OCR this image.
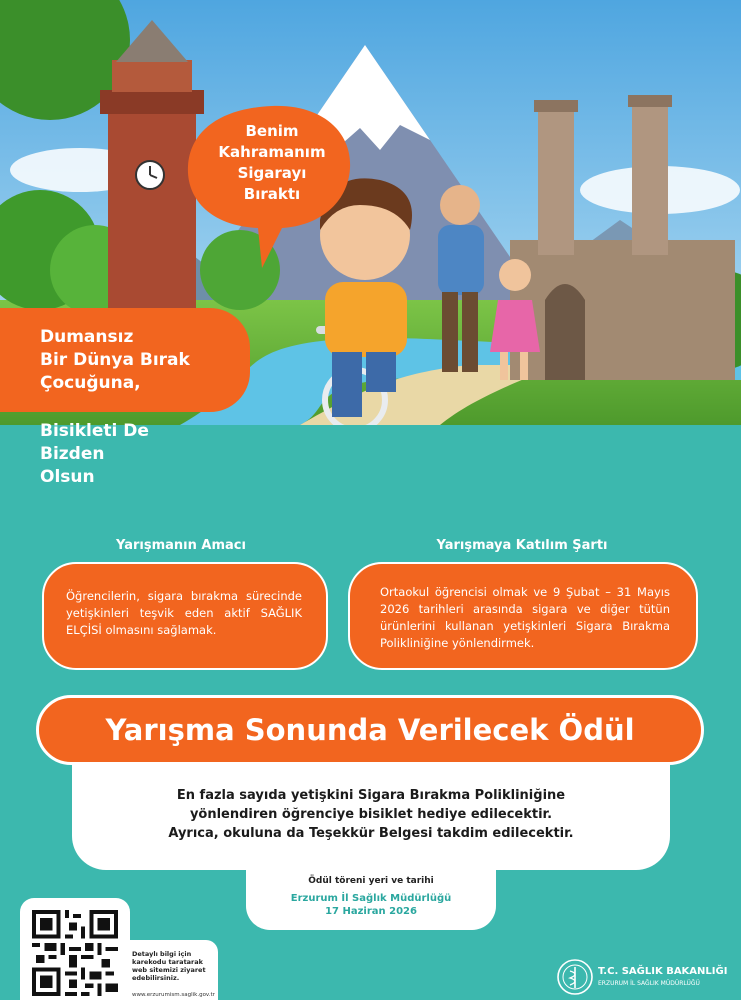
Benim
Kahramanım
Sigarayı
Bıraktı
Dumansız
Bir Dünya Bırak
Çocuğuna,
Bisikleti De
Bizden
Olsun
Yarışmanın Amacı	Yarışmaya Katılım Şartı
Öğrencilerin, sigara bırakma sürecinde yetişkinleri teşvik eden aktif SAĞLIK ELÇİSİ olmasını sağlamak.
Ortaokul öğrencisi olmak ve 9 Şubat – 31 Mayıs 2026 tarihleri arasında sigara ve diğer tütün ürünlerini kullanan yetişkinleri Sigara Bırakma Polikliniğine yönlendirmek.
Yarışma Sonunda Verilecek Ödül
En fazla sayıda yetişkini Sigara Bırakma Polikliniğine
yönlendiren öğrenciye bisiklet hediye edilecektir.
Ayrıca, okuluna da Teşekkür Belgesi takdim edilecektir.
Ödül töreni yeri ve tarihi
Erzurum İl Sağlık Müdürlüğü
17 Haziran 2026
Detaylı bilgi için
karekodu taratarak
web sitemizi ziyaret
edebilirsiniz.
www.erzurumism.saglik.gov.tr
T.C. SAĞLIK BAKANLIĞI
ERZURUM İL SAĞLIK MÜDÜRLÜĞÜ
